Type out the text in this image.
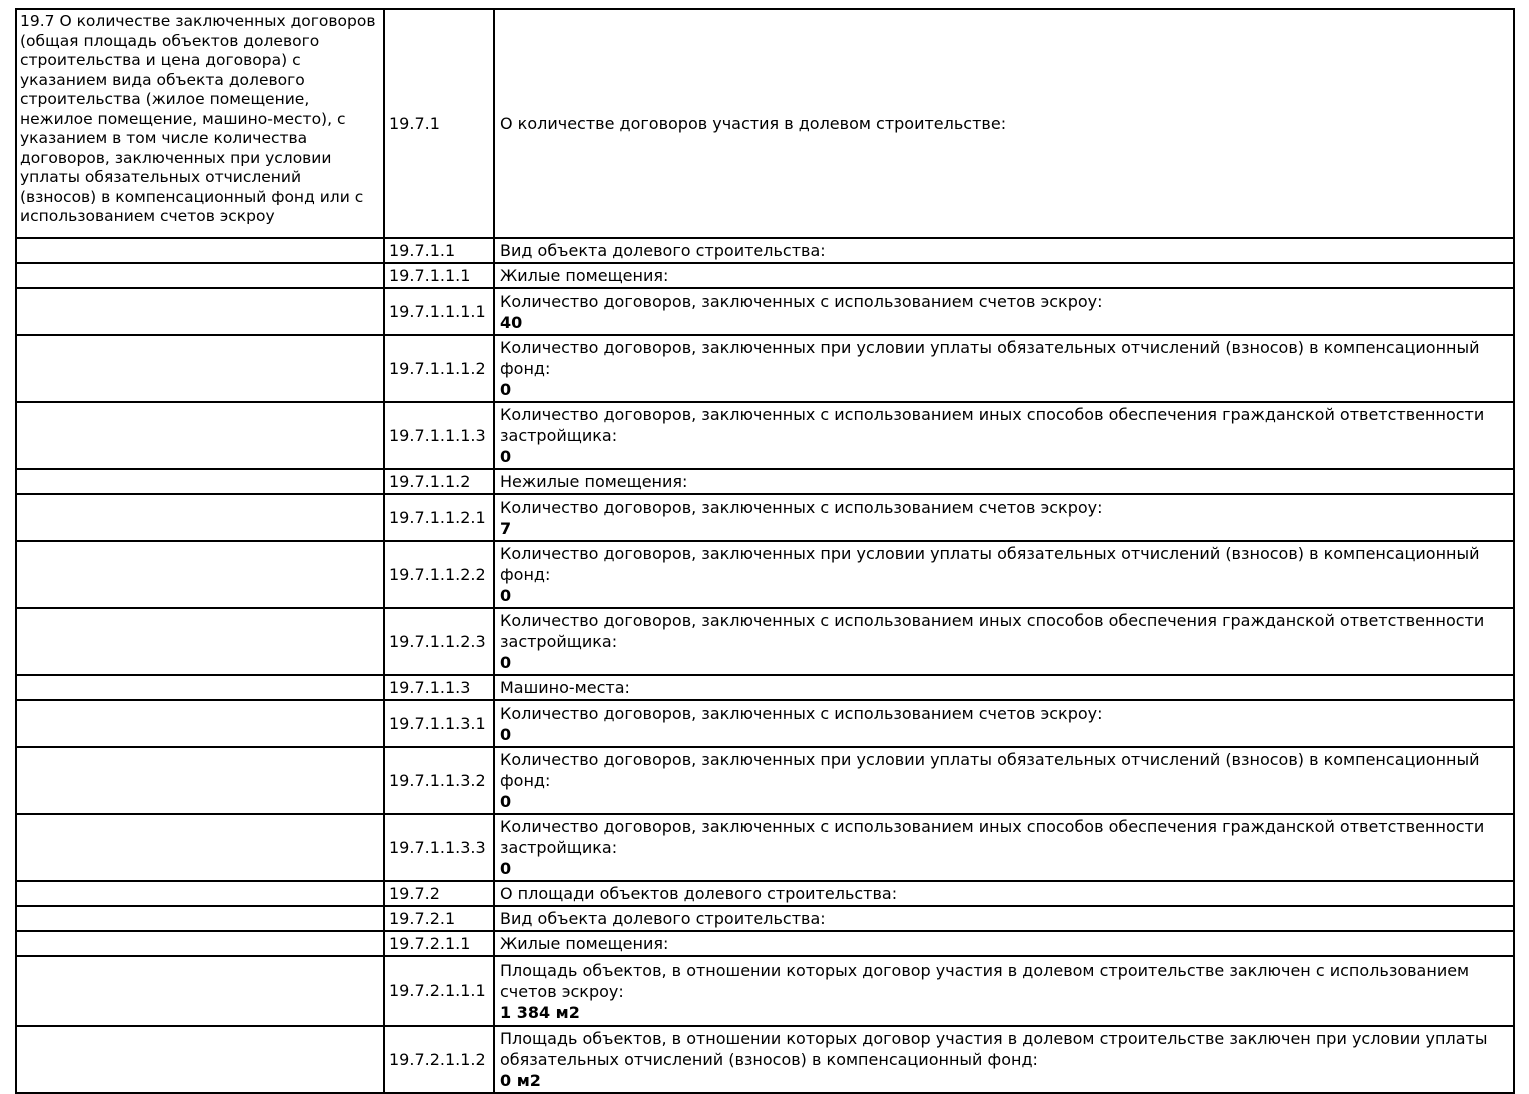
19.7 О количестве заключенных договоров (общая площадь объектов долевого строительства и цена договора) с указанием вида объекта долевого строительства (жилое помещение, нежилое помещение, машино-место), с указанием в том числе количества договоров, заключенных при условии уплаты обязательных отчислений (взносов) в компенсационный фонд или с использованием счетов эскроу	19.7.1	О количестве договоров участия в долевом строительстве:

	19.7.1.1	Вид объекта долевого строительства:

	19.7.1.1.1	Жилые помещения:

	19.7.1.1.1.1	Количество договоров, заключенных с использованием счетов эскроу:
40

	19.7.1.1.1.2	Количество договоров, заключенных при условии уплаты обязательных отчислений (взносов) в компенсационный фонд:
0

	19.7.1.1.1.3	Количество договоров, заключенных с использованием иных способов обеспечения гражданской ответственности застройщика:
0

	19.7.1.1.2	Нежилые помещения:

	19.7.1.1.2.1	Количество договоров, заключенных с использованием счетов эскроу:
7

	19.7.1.1.2.2	Количество договоров, заключенных при условии уплаты обязательных отчислений (взносов) в компенсационный фонд:
0

	19.7.1.1.2.3	Количество договоров, заключенных с использованием иных способов обеспечения гражданской ответственности застройщика:
0

	19.7.1.1.3	Машино-места:

	19.7.1.1.3.1	Количество договоров, заключенных с использованием счетов эскроу:
0

	19.7.1.1.3.2	Количество договоров, заключенных при условии уплаты обязательных отчислений (взносов) в компенсационный фонд:
0

	19.7.1.1.3.3	Количество договоров, заключенных с использованием иных способов обеспечения гражданской ответственности застройщика:
0

	19.7.2	О площади объектов долевого строительства:

	19.7.2.1	Вид объекта долевого строительства:

	19.7.2.1.1	Жилые помещения:

	19.7.2.1.1.1	Площадь объектов, в отношении которых договор участия в долевом строительстве заключен с использованием счетов эскроу:
1 384 м2

	19.7.2.1.1.2	Площадь объектов, в отношении которых договор участия в долевом строительстве заключен при условии уплаты обязательных отчислений (взносов) в компенсационный фонд:
0 м2
